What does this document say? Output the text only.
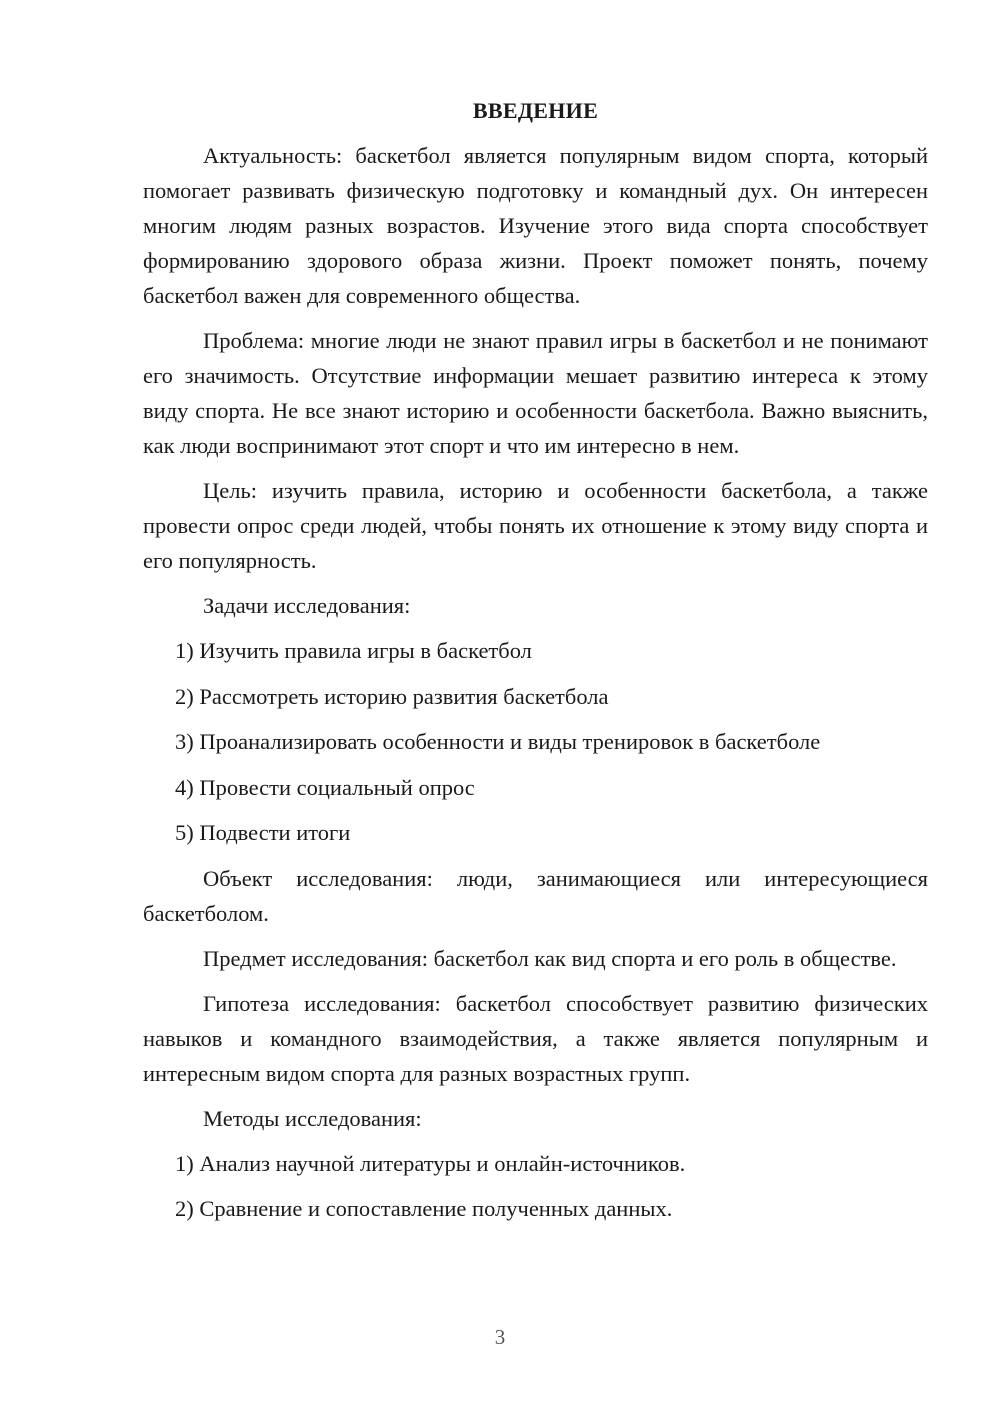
ВВЕДЕНИЕ

Актуальность: баскетбол является популярным видом спорта, который помогает развивать физическую подготовку и командный дух. Он интересен многим людям разных возрастов. Изучение этого вида спорта способствует формированию здорового образа жизни. Проект поможет понять, почему баскетбол важен для современного общества.

Проблема: многие люди не знают правил игры в баскетбол и не понимают его значимость. Отсутствие информации мешает развитию интереса к этому виду спорта. Не все знают историю и особенности баскетбола. Важно выяснить, как люди воспринимают этот спорт и что им интересно в нем.

Цель: изучить правила, историю и особенности баскетбола, а также провести опрос среди людей, чтобы понять их отношение к этому виду спорта и его популярность.

Задачи исследования:

1) Изучить правила игры в баскетбол

2) Рассмотреть историю развития баскетбола

3) Проанализировать особенности и виды тренировок в баскетболе

4) Провести социальный опрос

5) Подвести итоги

Объект исследования: люди, занимающиеся или интересующиеся баскетболом.

Предмет исследования: баскетбол как вид спорта и его роль в обществе.

Гипотеза исследования: баскетбол способствует развитию физических навыков и командного взаимодействия, а также является популярным и интересным видом спорта для разных возрастных групп.

Методы исследования:

1) Анализ научной литературы и онлайн-источников.

2) Сравнение и сопоставление полученных данных.

3
